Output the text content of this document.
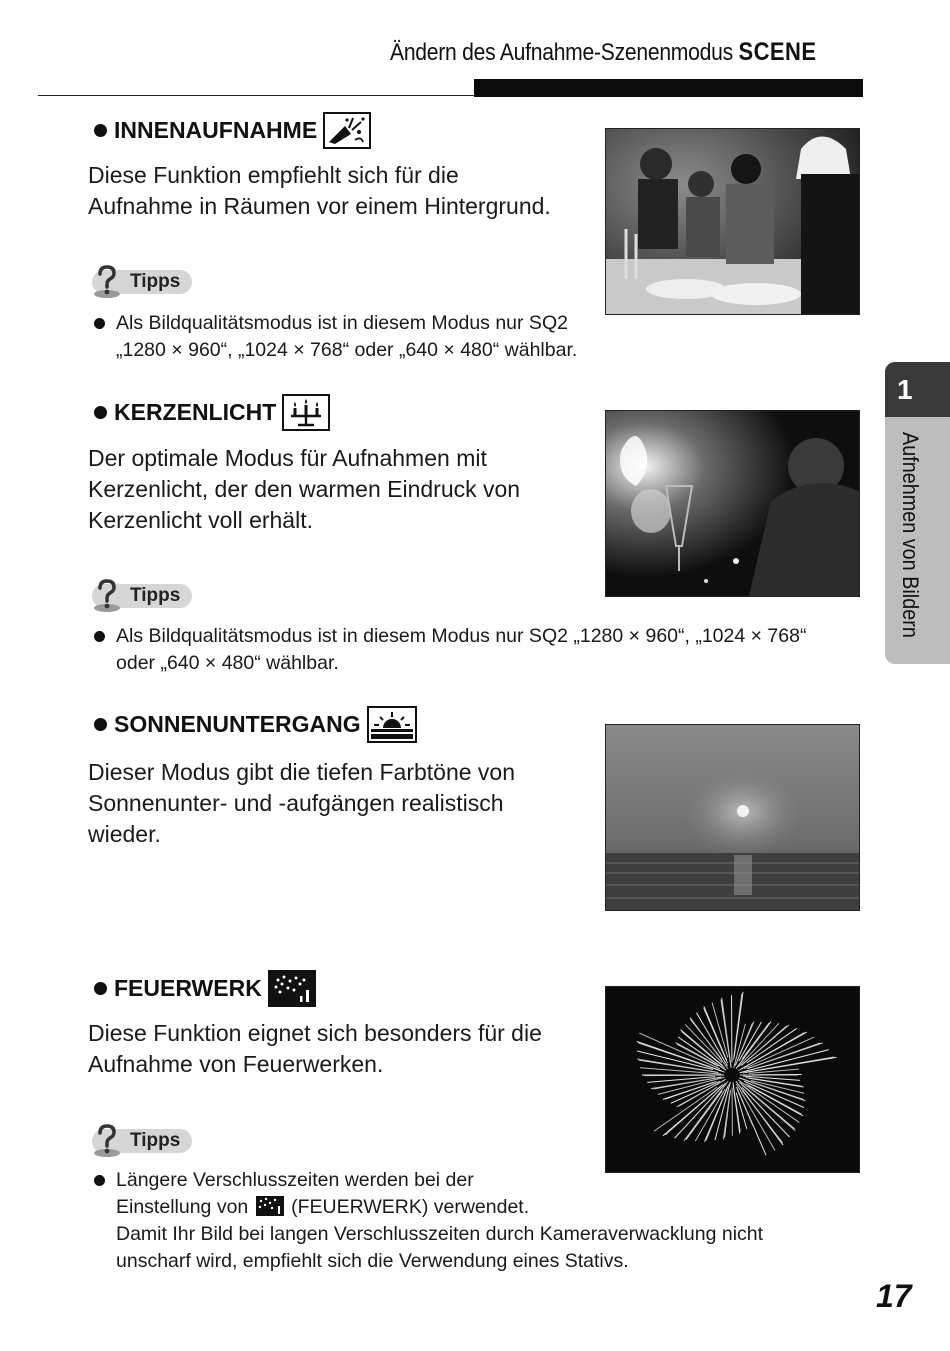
Ändern des Aufnahme-Szenenmodus SCENE
1
Aufnehmen von Bildern
INNENAUFNAHME
Diese Funktion empfiehlt sich für die
Aufnahme in Räumen vor einem Hintergrund.
Tipps
Als Bildqualitätsmodus ist in diesem Modus nur SQ2
„1280 × 960“, „1024 × 768“ oder „640 × 480“ wählbar.
KERZENLICHT
Der optimale Modus für Aufnahmen mit
Kerzenlicht, der den warmen Eindruck von
Kerzenlicht voll erhält.
Tipps
Als Bildqualitätsmodus ist in diesem Modus nur SQ2 „1280 × 960“, „1024 × 768“
oder „640 × 480“ wählbar.
SONNENUNTERGANG
Dieser Modus gibt die tiefen Farbtöne von
Sonnenunter- und -aufgängen realistisch
wieder.
FEUERWERK
Diese Funktion eignet sich besonders für die
Aufnahme von Feuerwerken.
Tipps
Längere Verschlusszeiten werden bei der
Einstellung von (FEUERWERK) verwendet.
Damit Ihr Bild bei langen Verschlusszeiten durch Kameraverwacklung nicht
unscharf wird, empfiehlt sich die Verwendung eines Stativs.
17
